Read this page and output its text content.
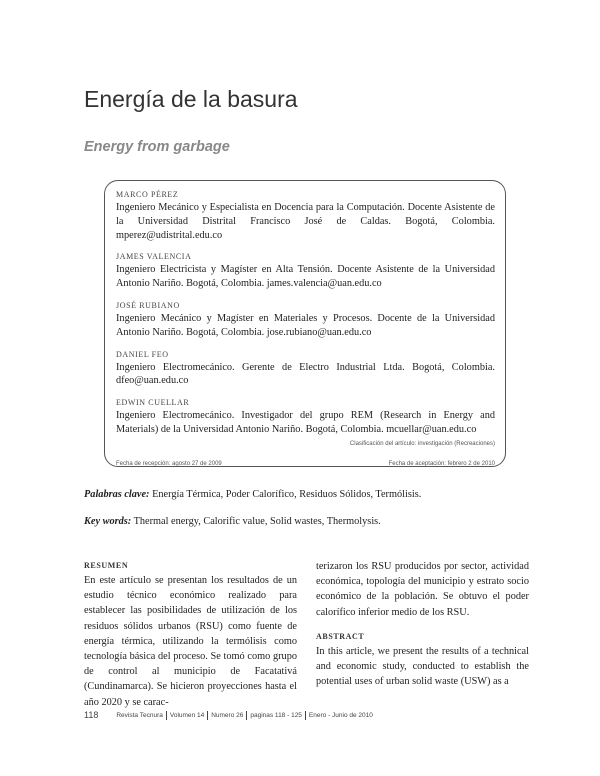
Energía de la basura
Energy from garbage
MARCO PÉREZ
Ingeniero Mecánico y Especialista en Docencia para la Computación. Docente Asistente de la Universidad Distrital Francisco José de Caldas. Bogotá, Colombia. mperez@udistrital.edu.co
JAMES VALENCIA
Ingeniero Electricista y Magíster en Alta Tensión. Docente Asistente de la Universidad Antonio Nariño. Bogotá, Colombia. james.valencia@uan.edu.co
JOSÉ RUBIANO
Ingeniero Mecánico y Magíster en Materiales y Procesos. Docente de la Universidad Antonio Nariño. Bogotá, Colombia. jose.rubiano@uan.edu.co
DANIEL FEO
Ingeniero Electromecánico. Gerente de Electro Industrial Ltda. Bogotá, Colombia. dfeo@uan.edu.co
EDWIN CUELLAR
Ingeniero Electromecánico. Investigador del grupo REM (Research in Energy and Materials) de la Universidad Antonio Nariño. Bogotá, Colombia. mcuellar@uan.edu.co
Clasificación del artículo: investigación (Recreaciones)
Fecha de recepción: agosto 27 de 2009	Fecha de aceptación: febrero 2 de 2010
Palabras clave: Energía Térmica, Poder Calorífico, Residuos Sólidos, Termólisis.
Key words: Thermal energy, Calorific value, Solid wastes, Thermolysis.
RESUMEN
En este artículo se presentan los resultados de un estudio técnico económico realizado para establecer las posibilidades de utilización de los residuos sólidos urbanos (RSU) como fuente de energía térmica, utilizando la termólisis como tecnología básica del proceso. Se tomó como grupo de control al municipio de Facatativá (Cundinamarca). Se hicieron proyecciones hasta el año 2020 y se carac-
terizaron los RSU producidos por sector, actividad económica, topología del municipio y estrato socio económico de la población. Se obtuvo el poder calorífico inferior medio de los RSU.
ABSTRACT
In this article, we present the results of a technical and economic study, conducted to establish the potential uses of urban solid waste (USW) as a
118	Revista Tecnura Volumen 14 Numero 26 paginas 118 - 125 Enero - Junio de 2010
